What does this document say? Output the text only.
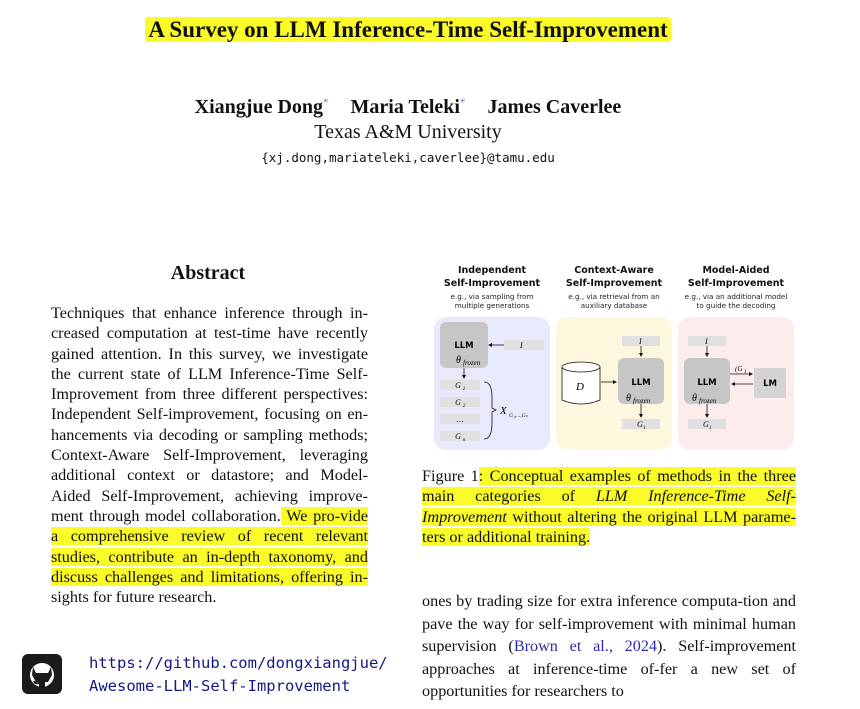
A Survey on LLM Inference-Time Self-Improvement
Xiangjue Dong* Maria Teleki* James Caverlee
Texas A&M University
{xj.dong,mariateleki,caverlee}@tamu.edu
Abstract
Techniques that enhance inference through in-creased computation at test-time have recently gained attention. In this survey, we investigate the current state of LLM Inference-Time Self-Improvement from three different perspectives: Independent Self-improvement, focusing on en-hancements via decoding or sampling methods; Context-Aware Self-Improvement, leveraging additional context or datastore; and Model-Aided Self-Improvement, achieving improve-ment through model collaboration. We pro-vide a comprehensive review of recent relevant studies, contribute an in-depth taxonomy, and discuss challenges and limitations, offering in- sights for future research.
https://github.com/dongxiangjue/
Awesome-LLM-Self-Improvement
Independent
Self-Improvement
Context-Aware
Self-Improvement
Model-Aided
Self-Improvement
e.g., via sampling from
multiple generations
e.g., via retrieval from an
auxiliary database
e.g., via an additional model
to guide the decoding
LLM
θ frozen
I
G 1
G 2
…
G n
X G₁,...,Gₙ
D
I
LLM
θ frozen
G 1
I
LLM
θ frozen
LM
(G 1
G 1
Figure 1: Conceptual examples of methods in the three main categories of LLM Inference-Time Self-Improvement without altering the original LLM parame-ters or additional training.
ones by trading size for extra inference computa-tion and pave the way for self-improvement with minimal human supervision (Brown et al., 2024). Self-improvement approaches at inference-time of-fer a new set of opportunities for researchers to
